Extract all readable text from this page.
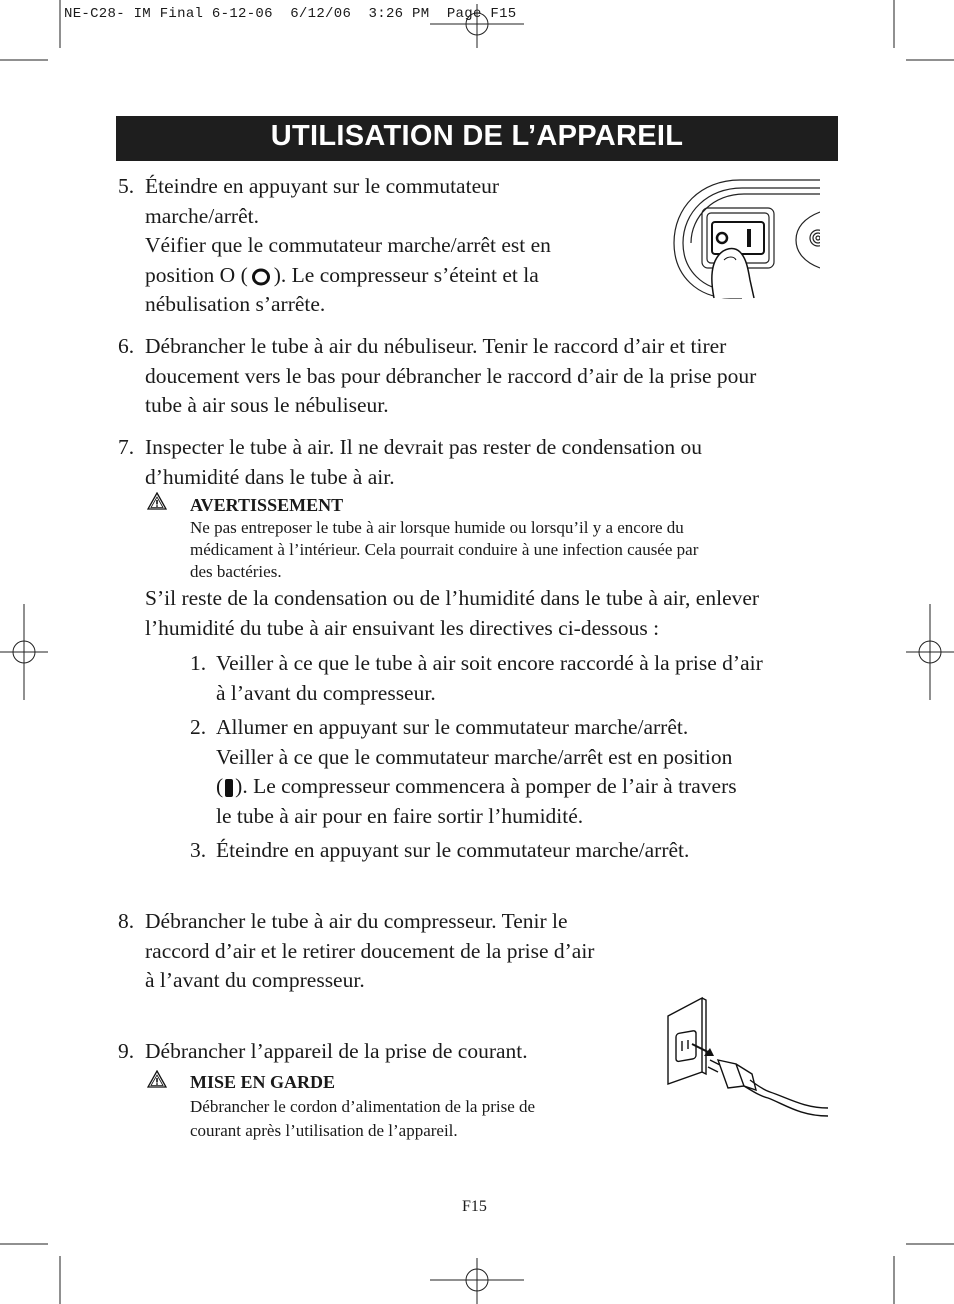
NE-C28- IM Final 6-12-06  6/12/06  3:26 PM  Page F15
UTILISATION DE L’APPAREIL
5. Éteindre en appuyant sur le commutateur
marche/arrêt.
Véifier que le commutateur marche/arrêt est en
position O ( ). Le compresseur s’éteint et la
nébulisation s’arrête.
6. Débrancher le tube à air du nébuliseur. Tenir le raccord d’air et tirer
doucement vers le bas pour débrancher le raccord d’air de la prise pour
tube à air sous le nébuliseur.
7. Inspecter le tube à air. Il ne devrait pas rester de condensation ou
d’humidité dans le tube à air.
AVERTISSEMENT
Ne pas entreposer le tube à air lorsque humide ou lorsqu’il y a encore du
médicament à l’intérieur. Cela pourrait conduire à une infection causée par
des bactéries.
S’il reste de la condensation ou de l’humidité dans le tube à air, enlever
l’humidité du tube à air ensuivant les directives ci-dessous :
1. Veiller à ce que le tube à air soit encore raccordé à la prise d’air
à l’avant du compresseur.
2. Allumer en appuyant sur le commutateur marche/arrêt.
Veiller à ce que le commutateur marche/arrêt est en position
( ). Le compresseur commencera à pomper de l’air à travers
le tube à air pour en faire sortir l’humidité.
3. Éteindre en appuyant sur le commutateur marche/arrêt.
8. Débrancher le tube à air du compresseur. Tenir le
raccord d’air et le retirer doucement de la prise d’air
à l’avant du compresseur.
9. Débrancher l’appareil de la prise de courant.
MISE EN GARDE
Débrancher le cordon d’alimentation de la prise de
courant après l’utilisation de l’appareil.
F15
